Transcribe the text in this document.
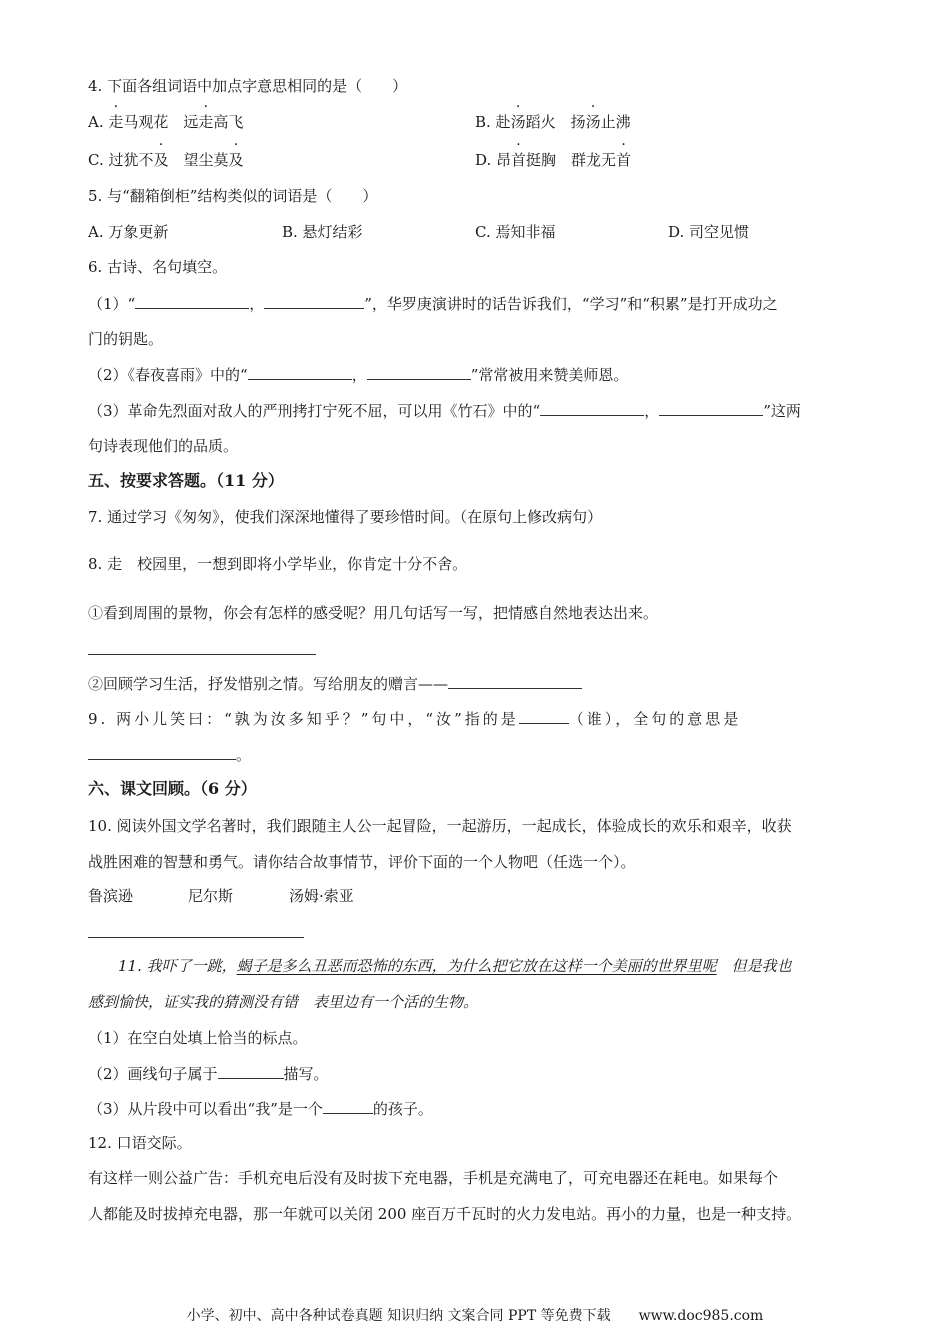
4. 下面各组词语中加点字意思相同的是（　　）
A. 走马观花　远走高飞	B. 赴汤蹈火　扬汤止沸
C. 过犹不及　望尘莫及	D. 昂首挺胸　群龙无首
5. 与“翻箱倒柜”结构类似的词语是（　　）
A. 万象更新	B. 悬灯结彩	C. 焉知非福	D. 司空见惯
6. 古诗、名句填空。
（1）“	，	”，华罗庚演讲时的话告诉我们，“学习”和“积累”是打开成功之
门的钥匙。
（2）《春夜喜雨》中的“	，	”常常被用来赞美师恩。
（3）革命先烈面对敌人的严刑拷打宁死不屈，可以用《竹石》中的“	，	”这两
句诗表现他们的品质。
五、按要求答题。（11 分）
7. 通过学习《匆匆》，使我们深深地懂得了要珍惜时间。（在原句上修改病句）
8. 走　校园里，一想到即将小学毕业，你肯定十分不舍。
①看到周围的景物，你会有怎样的感受呢？用几句话写一写，把情感自然地表达出来。
②回顾学习生活，抒发惜别之情。写给朋友的赠言——
9. 两小儿笑曰：“孰为汝多知乎？”句中，“汝”指的是	（谁），全句的意思是
。
六、课文回顾。（6 分）
10. 阅读外国文学名著时，我们跟随主人公一起冒险，一起游历，一起成长，体验成长的欢乐和艰辛，收获
战胜困难的智慧和勇气。请你结合故事情节，评价下面的一个人物吧（任选一个）。
鲁滨逊	尼尔斯	汤姆·索亚
11. 我吓了一跳，蝎子是多么丑恶而恐怖的东西，为什么把它放在这样一个美丽的世界里呢　但是我也
感到愉快，证实我的猜测没有错　表里边有一个活的生物。
（1）在空白处填上恰当的标点。
（2）画线句子属于	描写。
（3）从片段中可以看出“我”是一个	的孩子。
12. 口语交际。
有这样一则公益广告：手机充电后没有及时拔下充电器，手机是充满电了，可充电器还在耗电。如果每个
人都能及时拔掉充电器，那一年就可以关闭 200 座百万千瓦时的火力发电站。再小的力量，也是一种支持。
小学、初中、高中各种试卷真题 知识归纳 文案合同 PPT 等免费下载　　www.doc985.com
